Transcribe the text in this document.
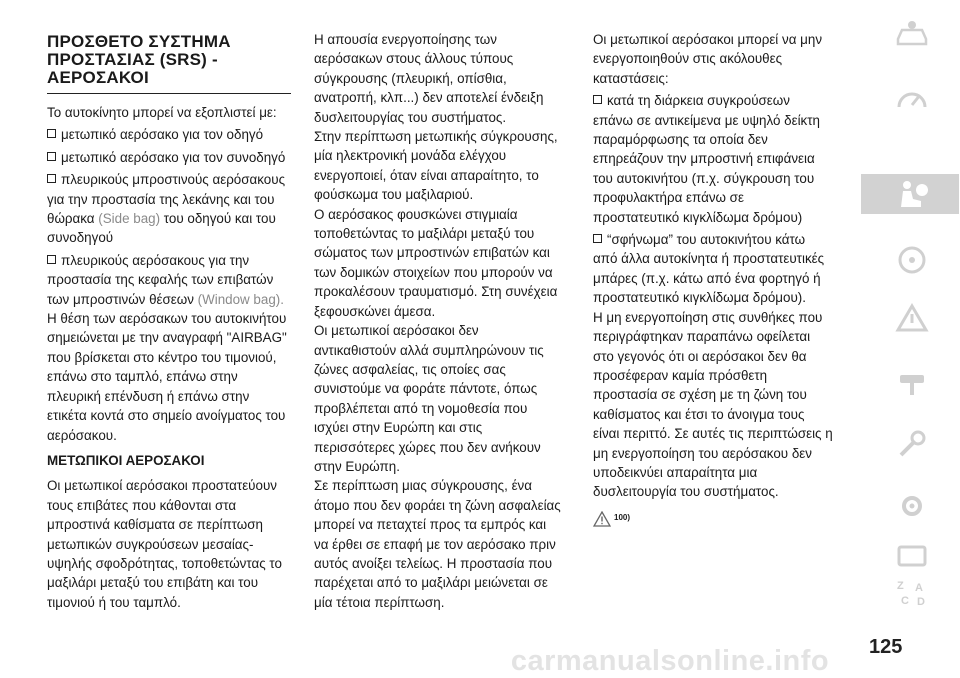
ΠΡΟΣΘΕΤΟ ΣΥΣΤΗΜΑ ΠΡΟΣΤΑΣΙΑΣ (SRS) - ΑΕΡΟΣΑΚΟΙ

Το αυτοκίνητο μπορεί να εξοπλιστεί με:

μετωπικό αερόσακο για τον οδηγό
μετωπικό αερόσακο για τον συνοδηγό
πλευρικούς μπροστινούς αερόσακους για την προστασία της λεκάνης και του θώρακα (Side bag) του οδηγού και του συνοδηγού
πλευρικούς αερόσακους για την προστασία της κεφαλής των επιβατών των μπροστινών θέσεων (Window bag).

Η θέση των αερόσακων του αυτοκινήτου σημειώνεται με την αναγραφή "AIRBAG" που βρίσκεται στο κέντρο του τιμονιού, επάνω στο ταμπλό, επάνω στην πλευρική επένδυση ή επάνω στην ετικέτα κοντά στο σημείο ανοίγματος του αερόσακου.

ΜΕΤΩΠΙΚΟΙ ΑΕΡΟΣΑΚΟΙ

Οι μετωπικοί αερόσακοι προστατεύουν τους επιβάτες που κάθονται στα μπροστινά καθίσματα σε περίπτωση μετωπικών συγκρούσεων μεσαίας-υψηλής σφοδρότητας, τοποθετώντας το μαξιλάρι μεταξύ του επιβάτη και του τιμονιού ή του ταμπλό.

Η απουσία ενεργοποίησης των αερόσακων στους άλλους τύπους σύγκρουσης (πλευρική, οπίσθια, ανατροπή, κλπ...) δεν αποτελεί ένδειξη δυσλειτουργίας του συστήματος.

Στην περίπτωση μετωπικής σύγκρουσης, μία ηλεκτρονική μονάδα ελέγχου ενεργοποιεί, όταν είναι απαραίτητο, το φούσκωμα του μαξιλαριού.

Ο αερόσακος φουσκώνει στιγμιαία τοποθετώντας το μαξιλάρι μεταξύ του σώματος των μπροστινών επιβατών και των δομικών στοιχείων που μπορούν να προκαλέσουν τραυματισμό. Στη συνέχεια ξεφουσκώνει άμεσα.

Οι μετωπικοί αερόσακοι δεν αντικαθιστούν αλλά συμπληρώνουν τις ζώνες ασφαλείας, τις οποίες σας συνιστούμε να φοράτε πάντοτε, όπως προβλέπεται από τη νομοθεσία που ισχύει στην Ευρώπη και στις περισσότερες χώρες που δεν ανήκουν στην Ευρώπη.

Σε περίπτωση μιας σύγκρουσης, ένα άτομο που δεν φοράει τη ζώνη ασφαλείας μπορεί να πεταχτεί προς τα εμπρός και να έρθει σε επαφή με τον αερόσακο πριν αυτός ανοίξει τελείως. Η προστασία που παρέχεται από το μαξιλάρι μειώνεται σε μία τέτοια περίπτωση.

Οι μετωπικοί αερόσακοι μπορεί να μην ενεργοποιηθούν στις ακόλουθες καταστάσεις:

κατά τη διάρκεια συγκρούσεων επάνω σε αντικείμενα με υψηλό δείκτη παραμόρφωσης τα οποία δεν επηρεάζουν την μπροστινή επιφάνεια του αυτοκινήτου (π.χ. σύγκρουση του προφυλακτήρα επάνω σε προστατευτικό κιγκλίδωμα δρόμου)
“σφήνωμα” του αυτοκινήτου κάτω από άλλα αυτοκίνητα ή προστατευτικές μπάρες (π.χ. κάτω από ένα φορτηγό ή προστατευτικό κιγκλίδωμα δρόμου).

Η μη ενεργοποίηση στις συνθήκες που περιγράφτηκαν παραπάνω οφείλεται στο γεγονός ότι οι αερόσακοι δεν θα προσέφεραν καμία πρόσθετη προστασία σε σχέση με τη ζώνη του καθίσματος και έτσι το άνοιγμα τους είναι περιττό. Σε αυτές τις περιπτώσεις η μη ενεργοποίηση του αερόσακου δεν υποδεικνύει απαραίτητα μια δυσλειτουργία του συστήματος.

100)
Z A
C D
125
carmanualsonline.info
